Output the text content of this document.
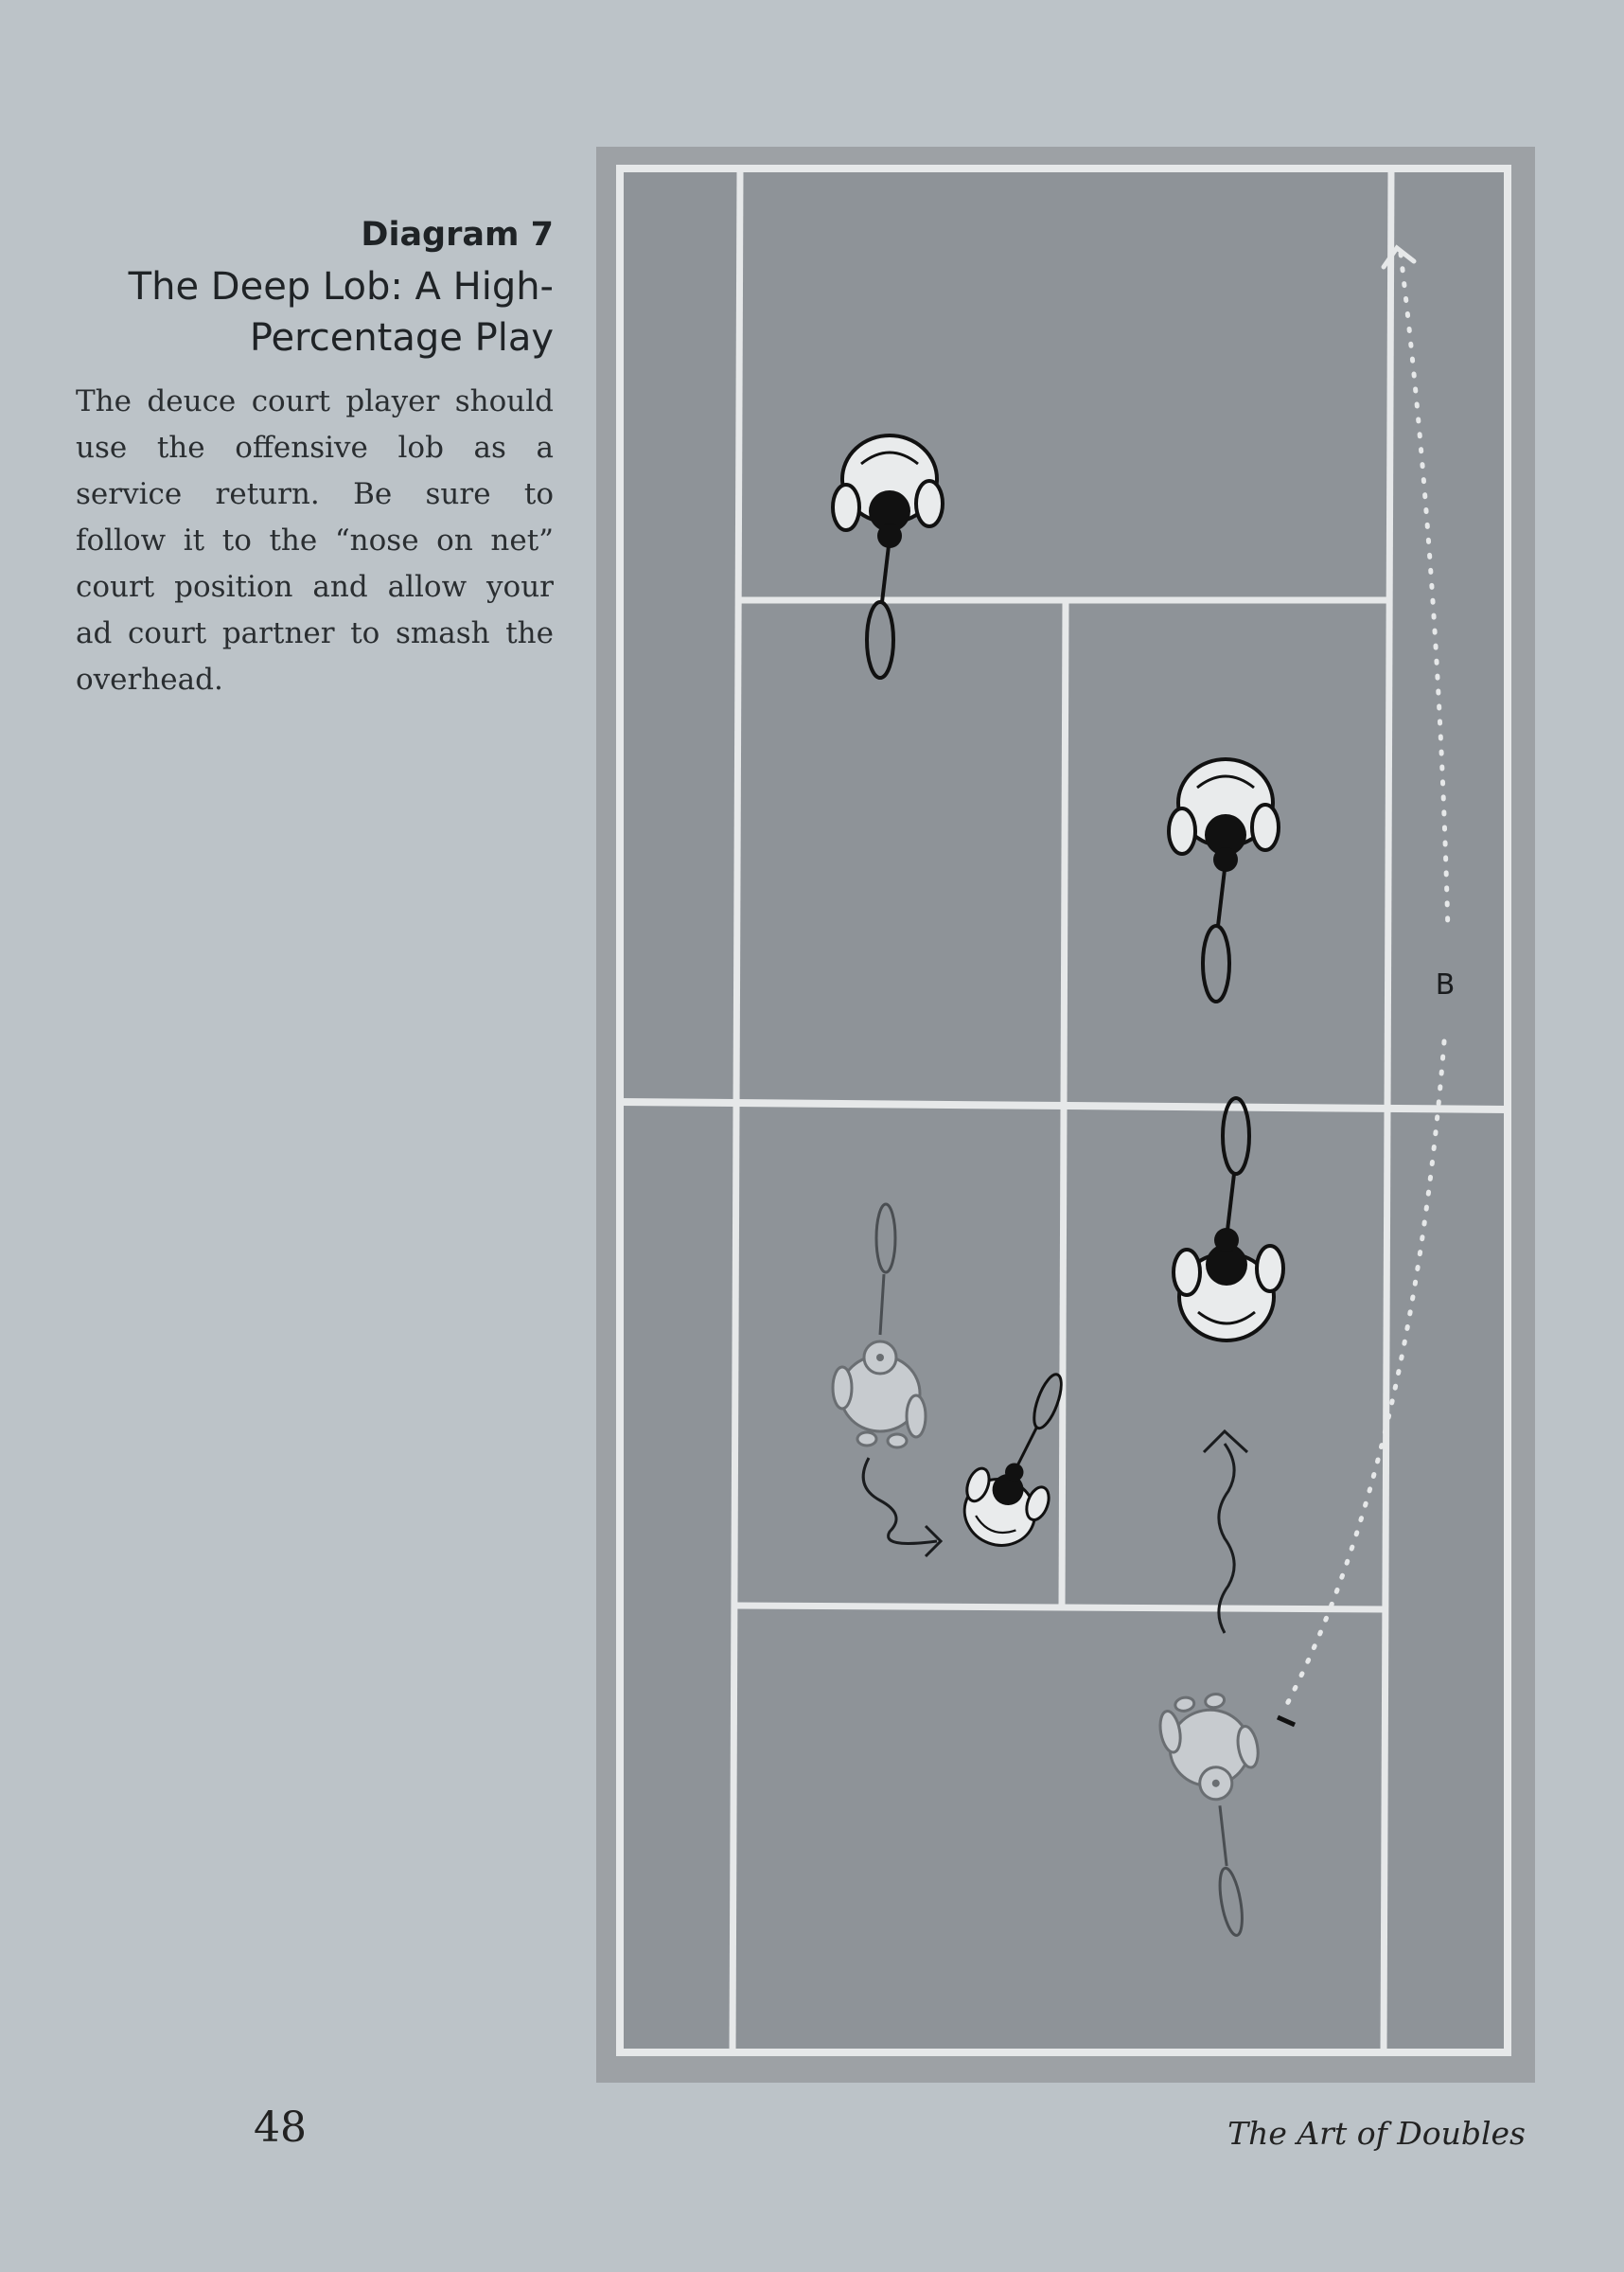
Diagram 7
The Deep Lob: A High-Percentage Play

The deuce court player should use the offensive lob as a service return. Be sure to follow it to the “nose on net” court position and allow your ad court partner to smash the overhead.

B
48	The Art of Doubles
